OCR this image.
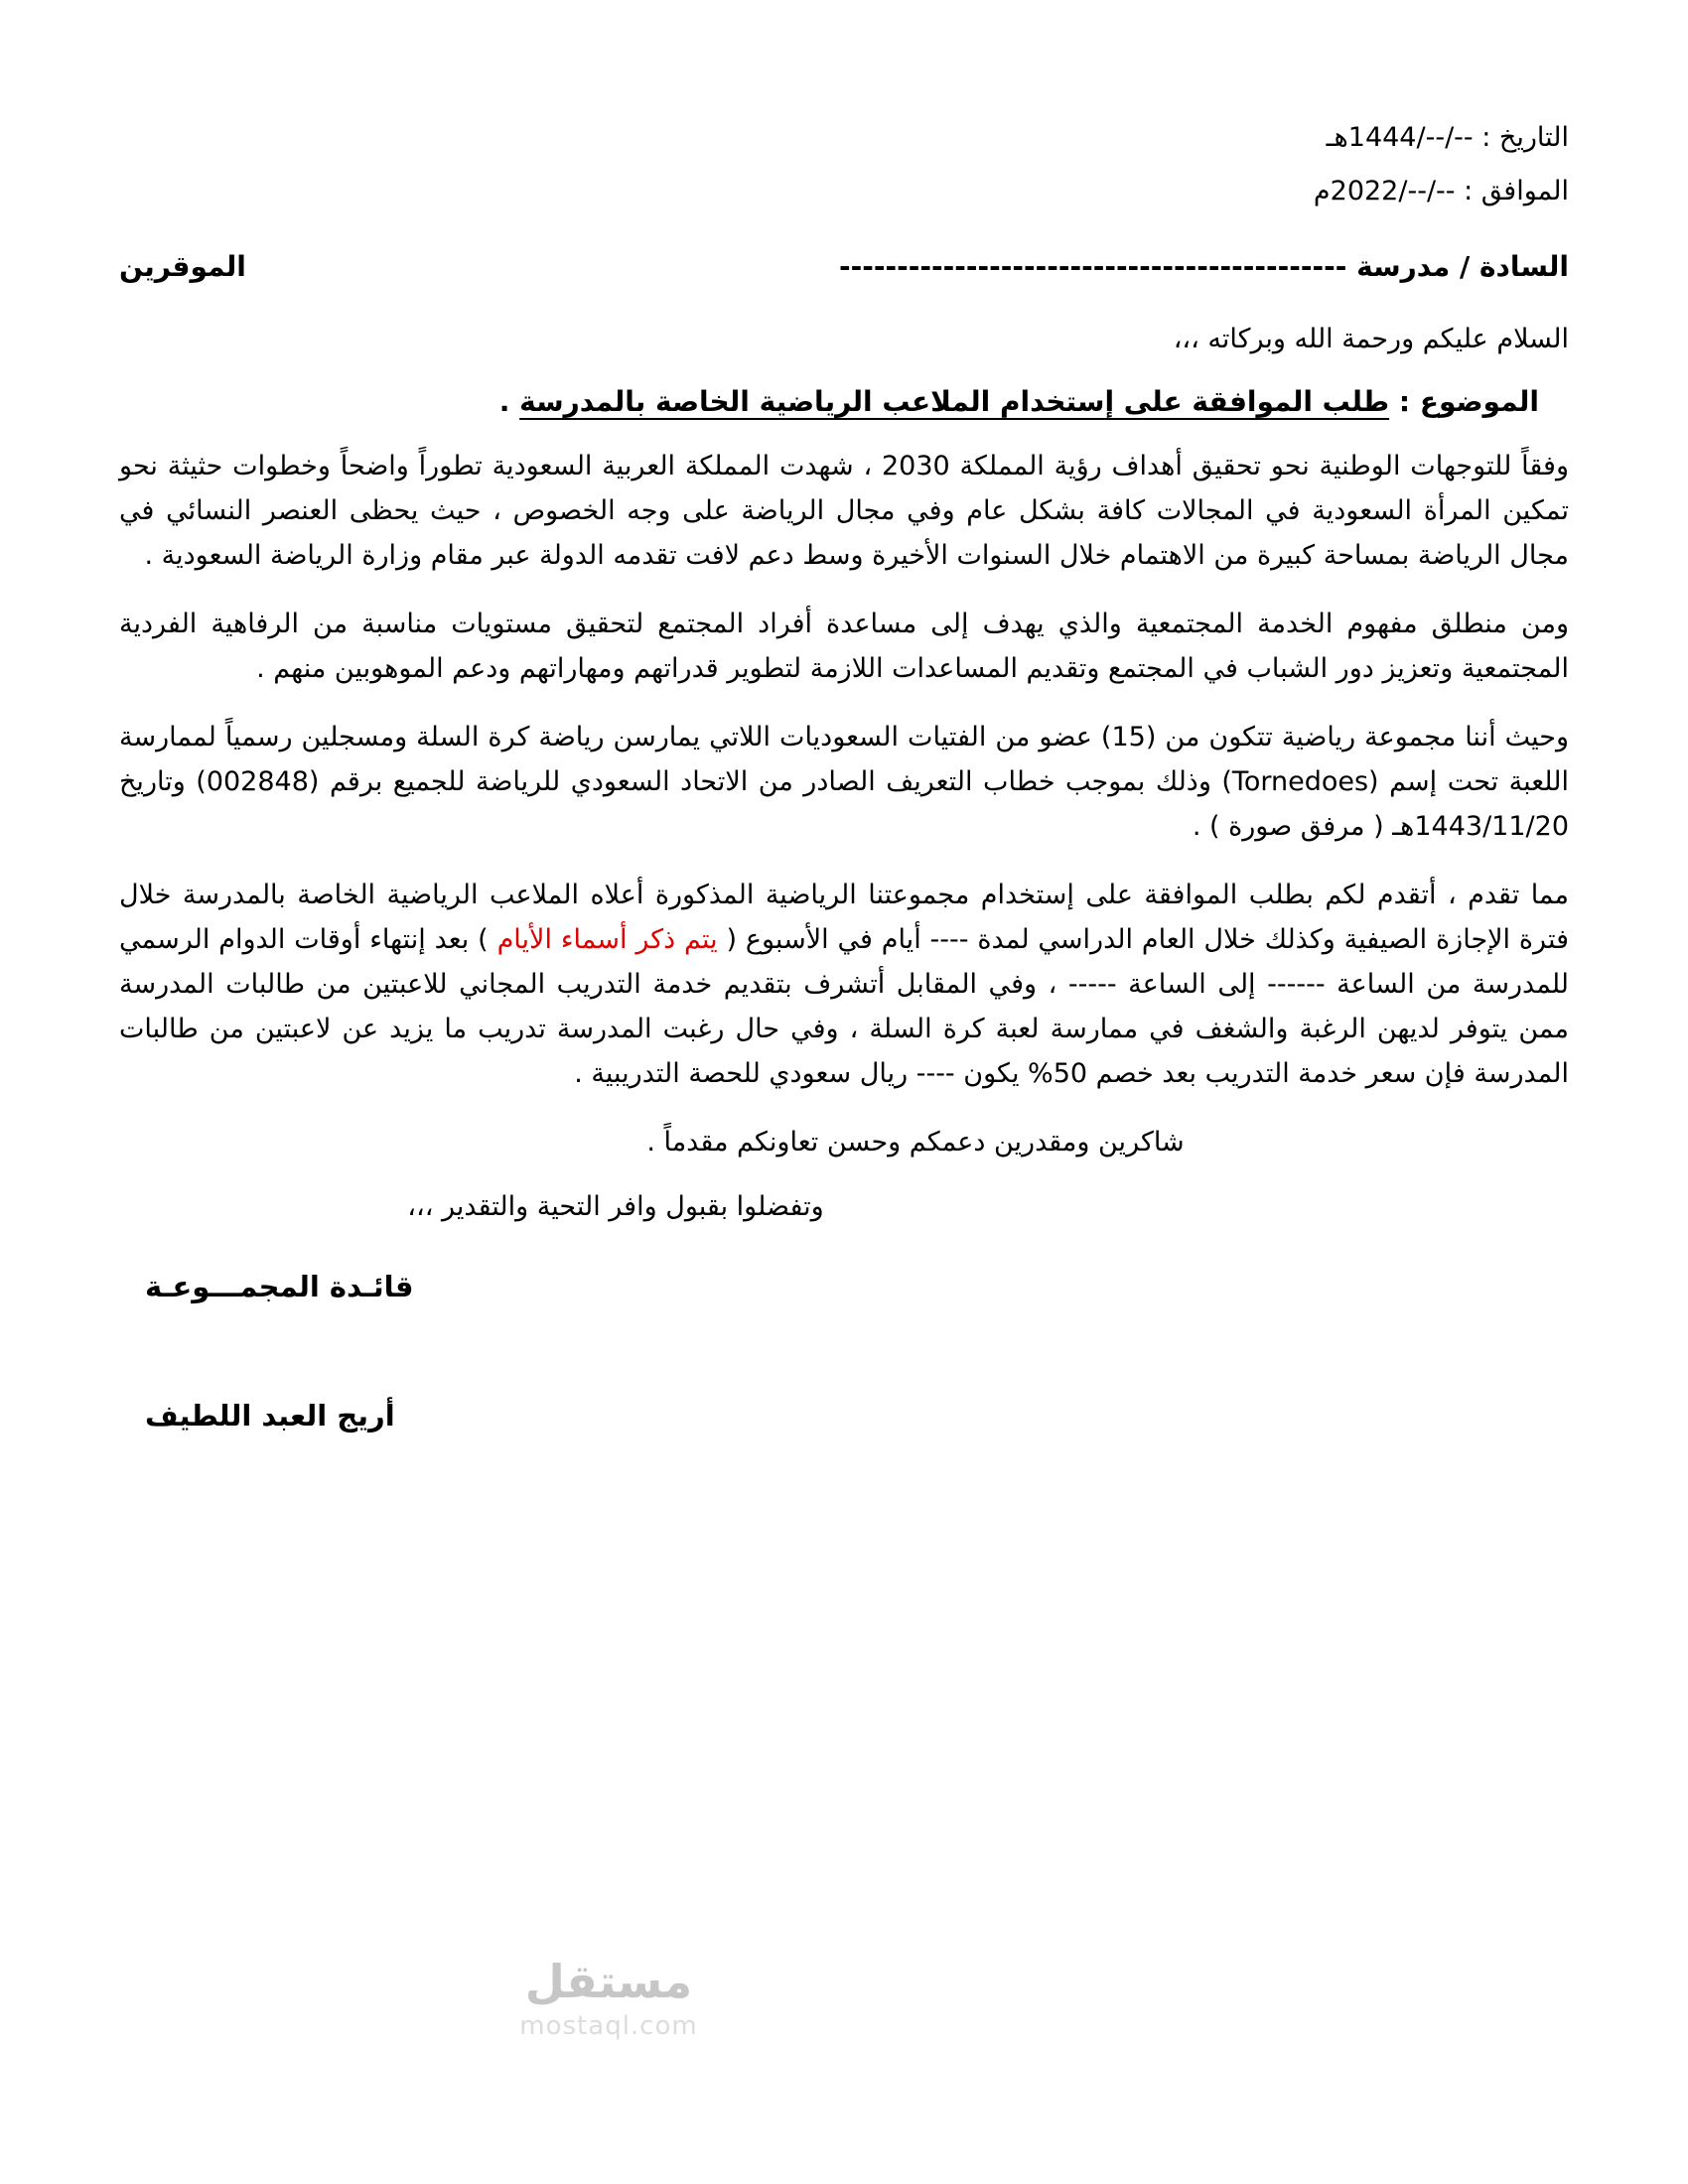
التاريخ : --/--/1444هـ
الموافق : --/--/2022م
السادة / مدرسة --------------------------------------------
الموقرين

السلام عليكم ورحمة الله وبركاته ،،،

الموضوع : طلب الموافقة على إستخدام الملاعب الرياضية الخاصة بالمدرسة .

وفقاً للتوجهات الوطنية نحو تحقيق أهداف رؤية المملكة 2030 ، شهدت المملكة العربية السعودية تطوراً واضحاً وخطوات حثيثة نحو تمكين المرأة السعودية في المجالات كافة بشكل عام وفي مجال الرياضة على وجه الخصوص ، حيث يحظى العنصر النسائي في مجال الرياضة بمساحة كبيرة من الاهتمام خلال السنوات الأخيرة وسط دعم لافت تقدمه الدولة عبر مقام وزارة الرياضة السعودية .

ومن منطلق مفهوم الخدمة المجتمعية والذي يهدف إلى مساعدة أفراد المجتمع لتحقيق مستويات مناسبة من الرفاهية الفردية المجتمعية وتعزيز دور الشباب في المجتمع وتقديم المساعدات اللازمة لتطوير قدراتهم ومهاراتهم ودعم الموهوبين منهم .

وحيث أننا مجموعة رياضية تتكون من (15) عضو من الفتيات السعوديات اللاتي يمارسن رياضة كرة السلة ومسجلين رسمياً لممارسة اللعبة تحت إسم (Tornedoes) وذلك بموجب خطاب التعريف الصادر من الاتحاد السعودي للرياضة للجميع برقم (002848) وتاريخ 1443/11/20هـ ( مرفق صورة ) .

مما تقدم ، أتقدم لكم بطلب الموافقة على إستخدام مجموعتنا الرياضية المذكورة أعلاه الملاعب الرياضية الخاصة بالمدرسة خلال فترة الإجازة الصيفية وكذلك خلال العام الدراسي لمدة ---- أيام في الأسبوع ( يتم ذكر أسماء الأيام ) بعد إنتهاء أوقات الدوام الرسمي للمدرسة من الساعة ------ إلى الساعة ----- ، وفي المقابل أتشرف بتقديم خدمة التدريب المجاني للاعبتين من طالبات المدرسة ممن يتوفر لديهن الرغبة والشغف في ممارسة لعبة كرة السلة ، وفي حال رغبت المدرسة تدريب ما يزيد عن لاعبتين من طالبات المدرسة فإن سعر خدمة التدريب بعد خصم 50% يكون ---- ريال سعودي للحصة التدريبية .

شاكرين ومقدرين دعمكم وحسن تعاونكم مقدماً .

وتفضلوا بقبول وافر التحية والتقدير ،،،

قائـدة المجمـــوعـة
أريج العبد اللطيف
مستقل
mostaql.com
